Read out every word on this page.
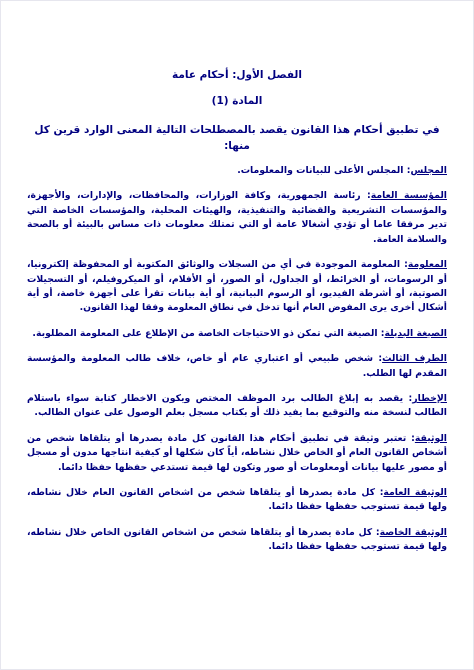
الفصل الأول: أحكام عامة
المادة (1)
في تطبيق أحكام هذا القانون يقصد بالمصطلحات التالية المعنى الوارد قرين كل منها:

المجلس: المجلس الأعلى للبيانات والمعلومات.

المؤسسة العامة: رئاسة الجمهورية، وكافة الوزارات، والمحافظات، والإدارات، والأجهزة، والمؤسسات التشريعية والقضائية والتنفيذية، والهيئات المحلية، والمؤسسات الخاصة التي تدير مرفقا عاما أو تؤدي أشغالا عامة أو التي تمتلك معلومات ذات مساس بالبيئة أو بالصحة والسلامة العامة.

المعلومة: المعلومة الموجودة في أي من السجلات والوثائق المكتوبة أو المحفوظة إلكترونيا، أو الرسومات، أو الخرائط، أو الجداول، أو الصور، أو الأفلام، أو الميكروفيلم، أو التسجيلات الصوتية، أو أشرطة الفيديو، أو الرسوم البيانية، أو أية بيانات تقرأ على أجهزة خاصة، أو أية أشكال أخرى يرى المفوض العام أنها تدخل في نطاق المعلومة وفقا لهذا القانون.

الصيغة البديلة: الصيغة التي تمكن ذو الاحتياجات الخاصة من الإطلاع على المعلومة المطلوبة.

الطرف الثالث: شخص طبيعي أو اعتباري عام أو خاص، خلاف طالب المعلومة والمؤسسة المقدم لها الطلب.

الإخطار: يقصد به إبلاغ الطالب برد الموظف المختص ويكون الاخطار كتابة سواء باستلام الطالب لنسخة منه والتوقيع بما يفيد ذلك أو بكتاب مسجل بعلم الوصول على عنوان الطالب.

الوثيقة: تعتبر وثيقة في تطبيق أحكام هذا القانون كل مادة يصدرها أو يتلقاها شخص من أشخاص القانون العام أو الخاص خلال نشاطه، أياً كان شكلها أو كيفية انتاجها مدون أو مسجل أو مصور عليها بيانات أومعلومات أو صور وتكون لها قيمة تستدعي حفظها حفظا دائما.

الوثيقة العامة: كل مادة يصدرها أو يتلقاها شخص من اشخاص القانون العام خلال نشاطه، ولها قيمة تستوجب حفظها حفظا دائما.

الوثيقة الخاصة: كل مادة يصدرها أو يتلقاها شخص من اشخاص القانون الخاص خلال نشاطه، ولها قيمة تستوجب حفظها حفظا دائما.
